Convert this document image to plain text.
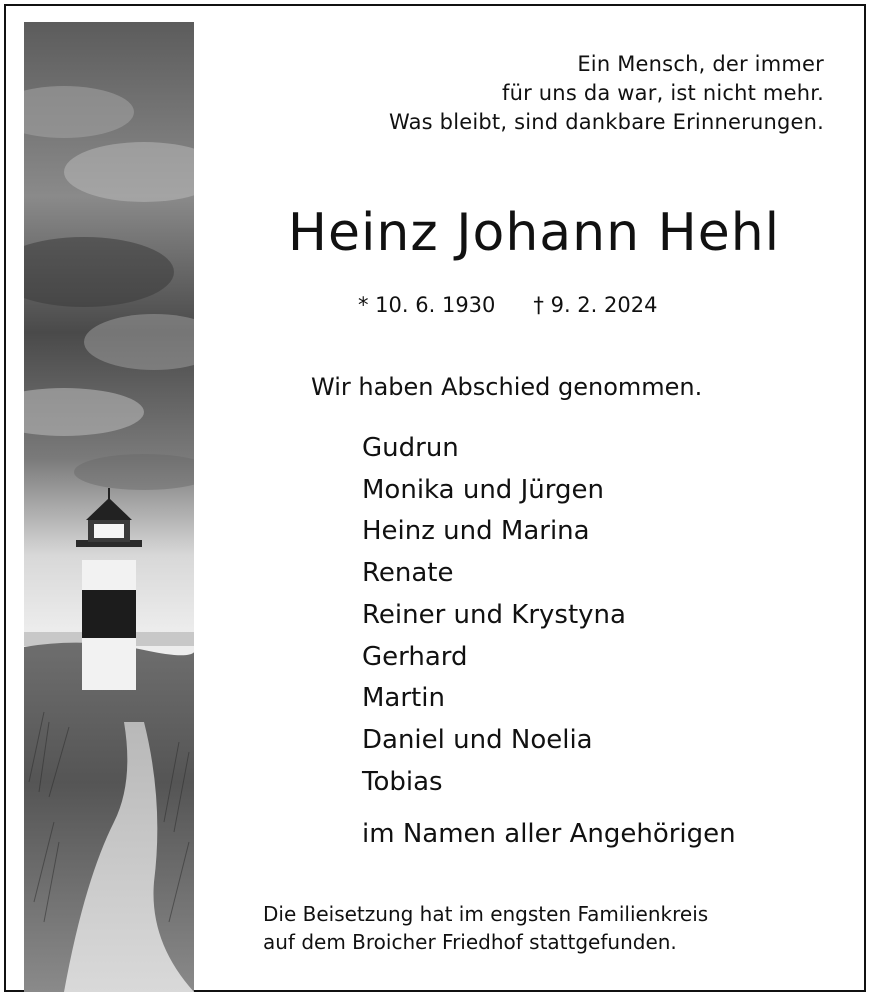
Ein Mensch, der immer
für uns da war, ist nicht mehr.
Was bleibt, sind dankbare Erinnerungen.
Heinz Johann Hehl
* 10. 6. 1930 † 9. 2. 2024
Wir haben Abschied genommen.
Gudrun
Monika und Jürgen
Heinz und Marina
Renate
Reiner und Krystyna
Gerhard
Martin
Daniel und Noelia
Tobias
im Namen aller Angehörigen
Die Beisetzung hat im engsten Familienkreis
auf dem Broicher Friedhof stattgefunden.
